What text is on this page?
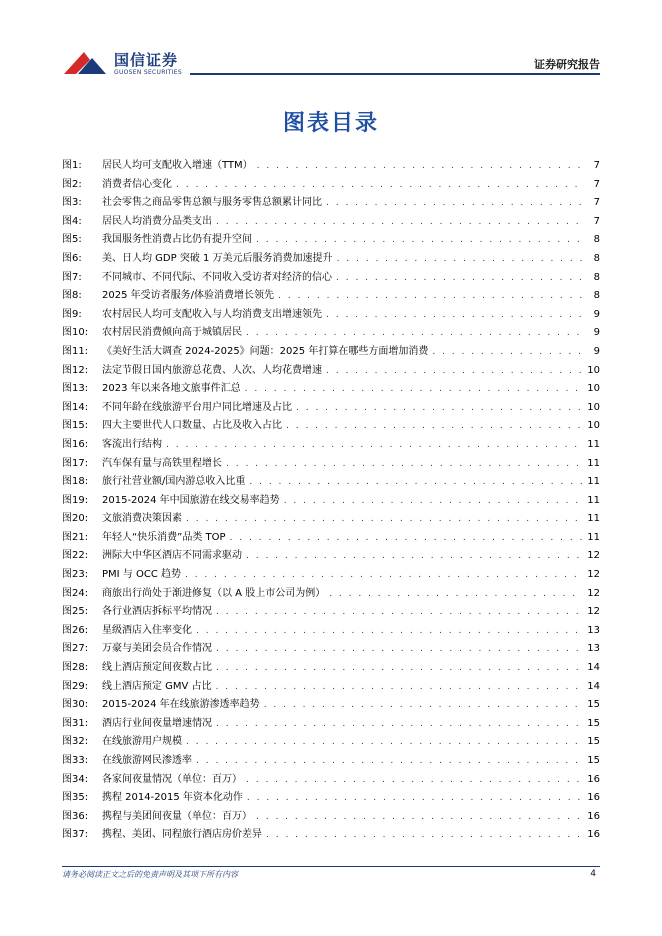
国信证券
GUOSEN SECURITIES
证券研究报告
图表目录
图1:	居民人均可支配收入增速（TTM） . . .	7
图2:	消费者信心变化 . . .	7
图3:	社会零售之商品零售总额与服务零售总额累计同比 . . .	7
图4:	居民人均消费分品类支出 . . .	7
图5:	我国服务性消费占比仍有提升空间 . . .	8
图6:	美、日人均 GDP 突破 1 万美元后服务消费加速提升 . . .	8
图7:	不同城市、不同代际、不同收入受访者对经济的信心 . . .	8
图8:	2025 年受访者服务/体验消费增长领先 . . .	8
图9:	农村居民人均可支配收入与人均消费支出增速领先 . . .	9
图10:	农村居民消费倾向高于城镇居民 . . .	9
图11:	《美好生活大调查 2024-2025》问题：2025 年打算在哪些方面增加消费 . . .	9
图12:	法定节假日国内旅游总花费、人次、人均花费增速 . . .	10
图13:	2023 年以来各地文旅事件汇总 . . .	10
图14:	不同年龄在线旅游平台用户同比增速及占比 . . .	10
图15:	四大主要世代人口数量、占比及收入占比 . . .	10
图16:	客流出行结构 . . .	11
图17:	汽车保有量与高铁里程增长 . . .	11
图18:	旅行社营业额/国内游总收入比重 . . .	11
图19:	2015-2024 年中国旅游在线交易率趋势 . . .	11
图20:	文旅消费决策因素 . . .	11
图21:	年轻人“快乐消费”品类 TOP . . .	11
图22:	洲际大中华区酒店不同需求驱动 . . .	12
图23:	PMI 与 OCC 趋势 . . .	12
图24:	商旅出行尚处于渐进修复（以 A 股上市公司为例） . . .	12
图25:	各行业酒店拆标平均情况 . . .	12
图26:	星级酒店入住率变化 . . .	13
图27:	万豪与美团会员合作情况 . . .	13
图28:	线上酒店预定间夜数占比 . . .	14
图29:	线上酒店预定 GMV 占比 . . .	14
图30:	2015-2024 年在线旅游渗透率趋势 . . .	15
图31:	酒店行业间夜量增速情况 . . .	15
图32:	在线旅游用户规模 . . .	15
图33:	在线旅游网民渗透率 . . .	15
图34:	各家间夜量情况（单位：百万） . . .	16
图35:	携程 2014-2015 年资本化动作 . . .	16
图36:	携程与美团间夜量（单位：百万） . . .	16
图37:	携程、美团、同程旅行酒店房价差异 . . .	16
请务必阅读正文之后的免责声明及其项下所有内容	4
